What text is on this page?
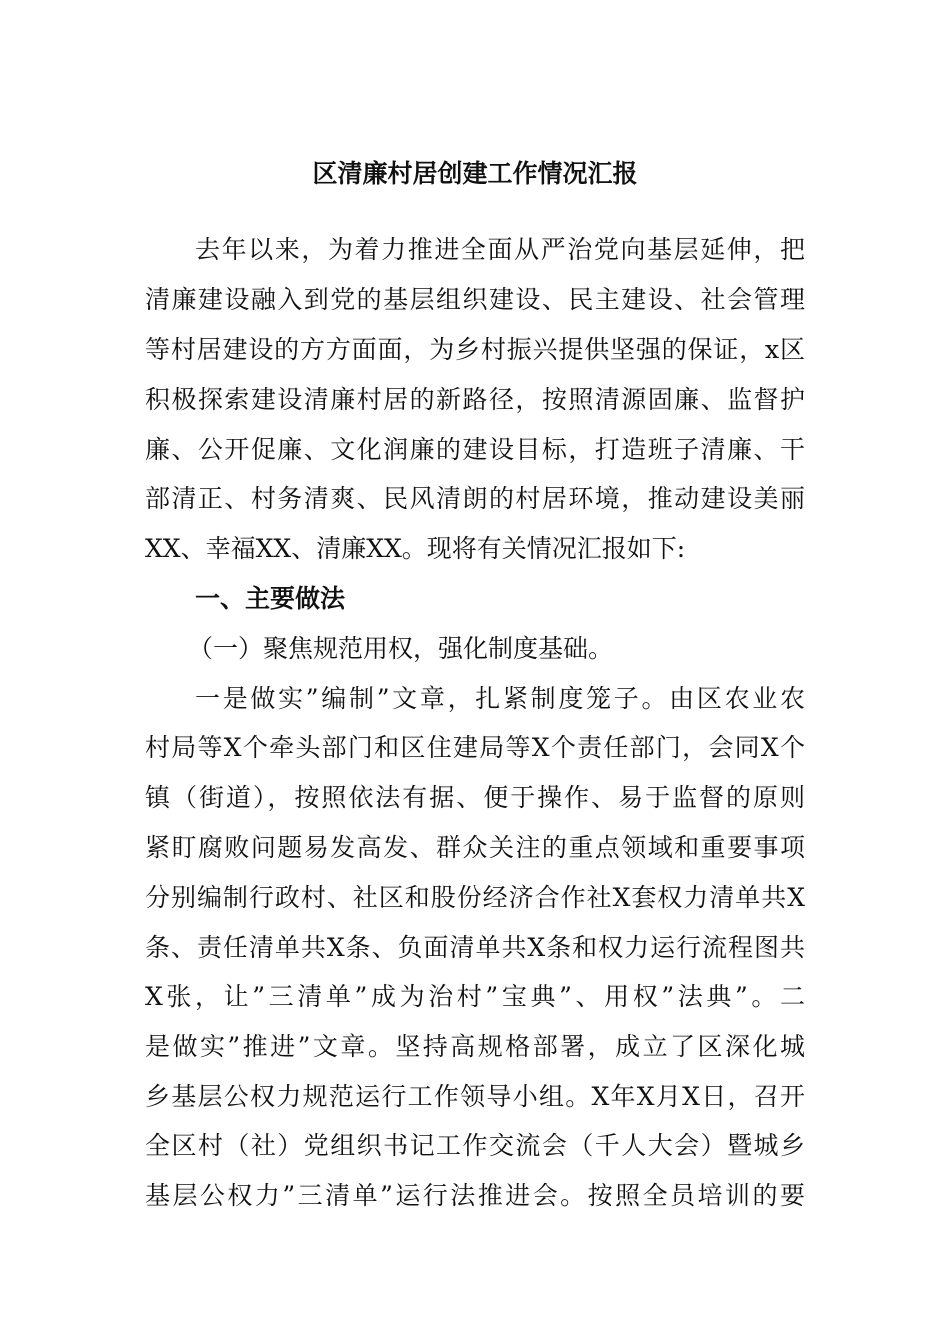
区清廉村居创建工作情况汇报
去年以来，为着力推进全面从严治党向基层延伸，把
清廉建设融入到党的基层组织建设、民主建设、社会管理
等村居建设的方方面面，为乡村振兴提供坚强的保证，x区
积极探索建设清廉村居的新路径，按照清源固廉、监督护
廉、公开促廉、文化润廉的建设目标，打造班子清廉、干
部清正、村务清爽、民风清朗的村居环境，推动建设美丽
XX、幸福XX、清廉XX。现将有关情况汇报如下:
一、主要做法
（一）聚焦规范用权，强化制度基础。
一是做实”编制”文章，扎紧制度笼子。由区农业农
村局等X个牵头部门和区住建局等X个责任部门，会同X个
镇（街道），按照依法有据、便于操作、易于监督的原则
紧盯腐败问题易发高发、群众关注的重点领域和重要事项
分别编制行政村、社区和股份经济合作社X套权力清单共X
条、责任清单共X条、负面清单共X条和权力运行流程图共
X张，让”三清单”成为治村”宝典”、用权”法典”。二
是做实”推进”文章。坚持高规格部署，成立了区深化城
乡基层公权力规范运行工作领导小组。X年X月X日，召开
全区村（社）党组织书记工作交流会（千人大会）暨城乡
基层公权力”三清单”运行法推进会。按照全员培训的要
